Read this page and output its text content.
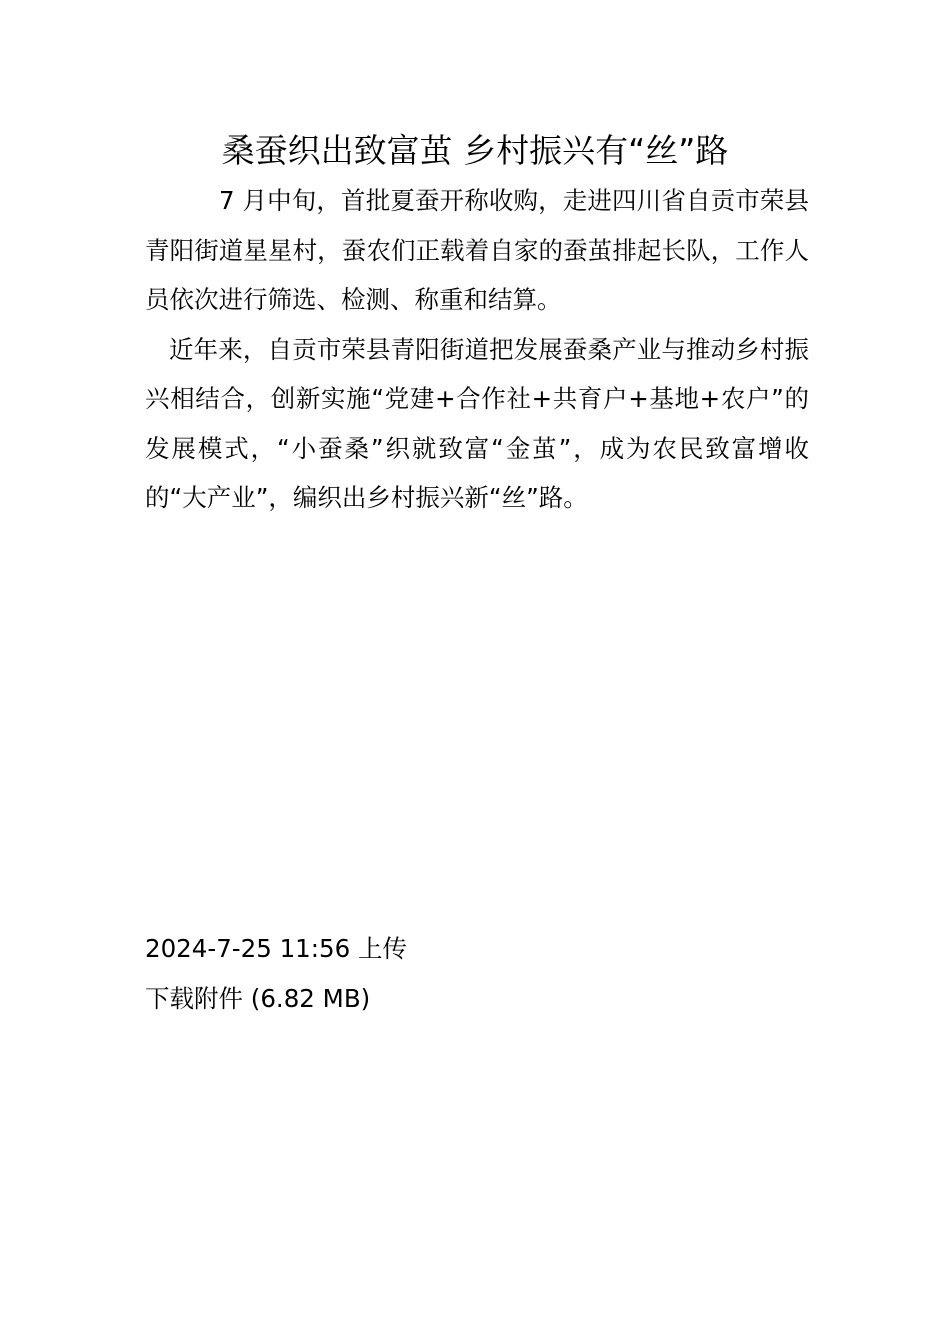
桑蚕织出致富茧 乡村振兴有“丝”路

7 月中旬，首批夏蚕开称收购，走进四川省自贡市荣县青阳街道星星村，蚕农们正载着自家的蚕茧排起长队，工作人员依次进行筛选、检测、称重和结算。

近年来，自贡市荣县青阳街道把发展蚕桑产业与推动乡村振兴相结合，创新实施“党建+合作社+共育户+基地+农户”的发展模式，“小蚕桑”织就致富“金茧”，成为农民致富增收的“大产业”，编织出乡村振兴新“丝”路。

2024-7-25 11:56 上传

下载附件 (6.82 MB)
